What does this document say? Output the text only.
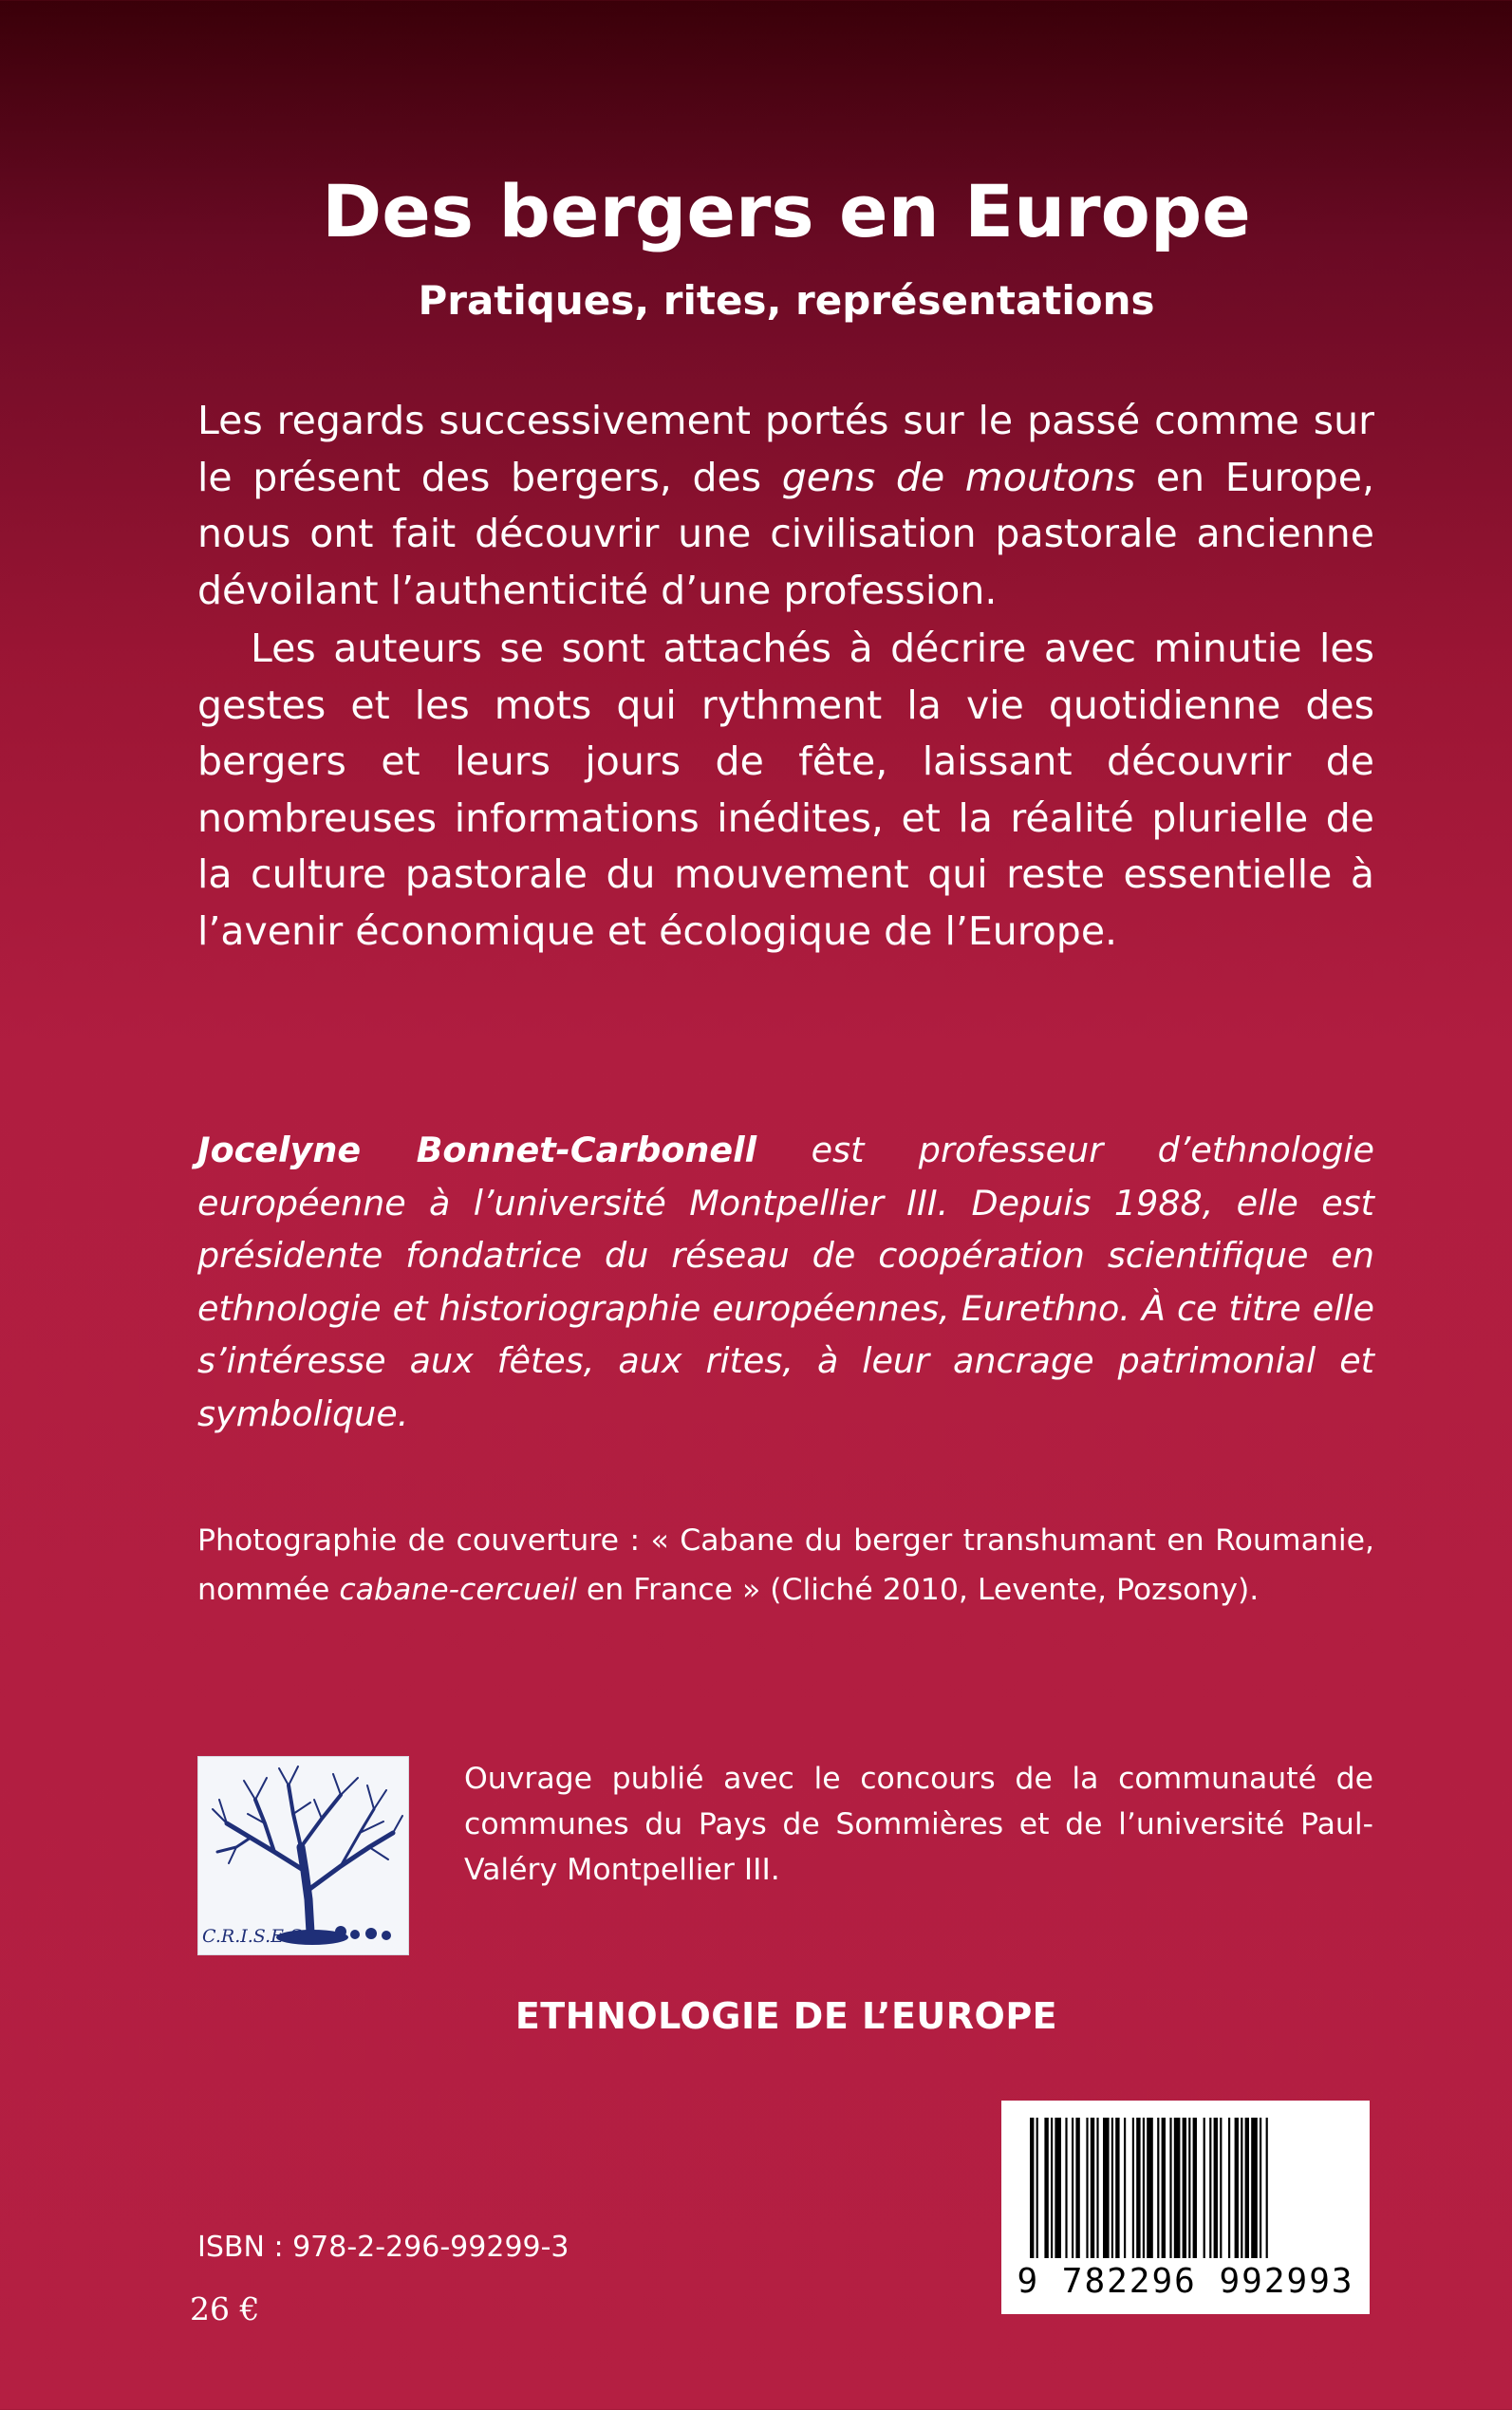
Des bergers en Europe
Pratiques, rites, représentations
Les regards successivement portés sur le passé comme sur le présent des bergers, des gens de moutons en Europe, nous ont fait découvrir une civilisation pastorale ancienne dévoilant l’authenticité d’une profession.
Les auteurs se sont attachés à décrire avec minutie les gestes et les mots qui rythment la vie quotidienne des bergers et leurs jours de fête, laissant découvrir de nombreuses informations inédites, et la réalité plurielle de la culture pastorale du mouvement qui reste essentielle à l’avenir économique et écologique de l’Europe.
Jocelyne Bonnet-Carbonell est professeur d’ethnologie européenne à l’université Montpellier III. Depuis 1988, elle est présidente fondatrice du réseau de coopération scientifique en ethnologie et historiographie européennes, Eurethno. À ce titre elle s’intéresse aux fêtes, aux rites, à leur ancrage patrimonial et symbolique.
Photographie de couverture : « Cabane du berger transhumant en Roumanie, nommée cabane-cercueil en France » (Cliché 2010, Levente, Pozsony).
C.R.I.S.E.S.
Ouvrage publié avec le concours de la communauté de communes du Pays de Sommières et de l’université Paul-Valéry Montpellier III.
ETHNOLOGIE DE L’EUROPE
9 782296 992993
ISBN : 978-2-296-99299-3
26 €
